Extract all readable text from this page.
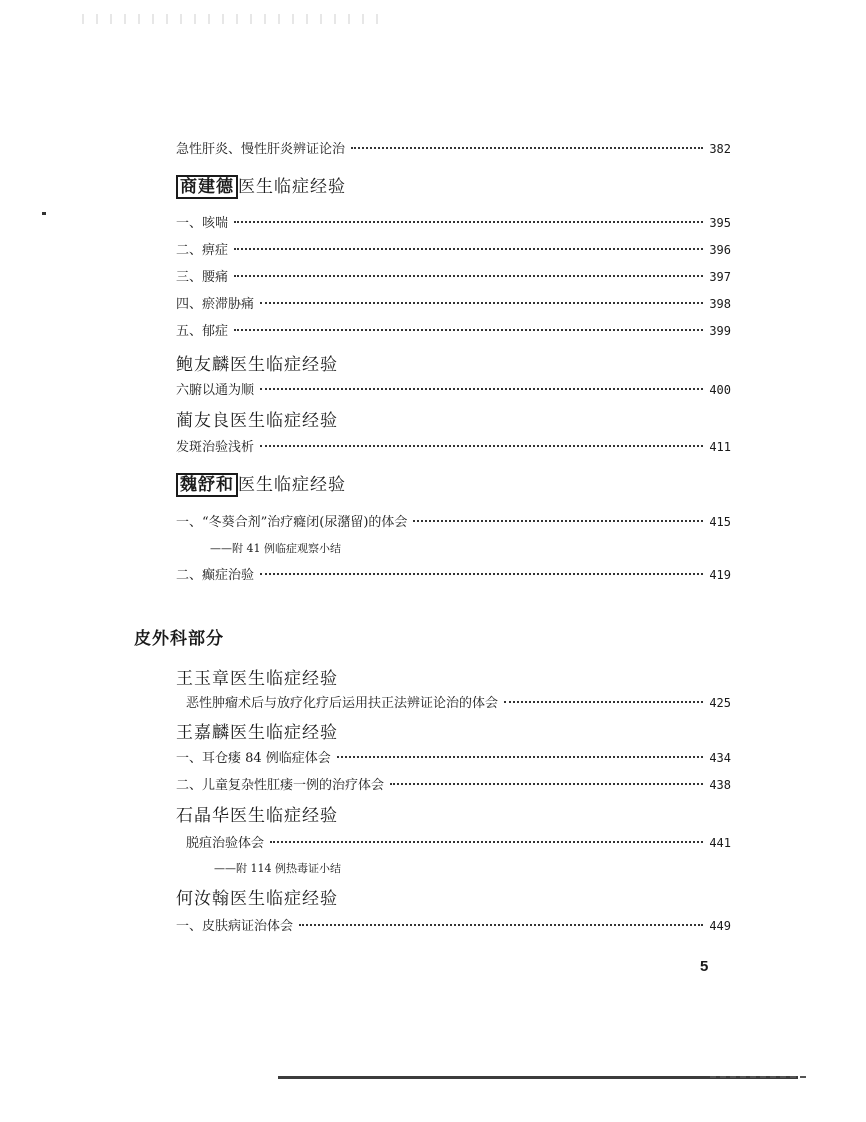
急性肝炎、慢性肝炎辨证论治	382
商建德 医生临症经验
一、咳喘	395
二、痹症	396
三、腰痛	397
四、瘀滞胁痛	398
五、郁症	399
鲍友麟医生临症经验
六腑以通为顺	400
蔺友良医生临症经验
发斑治验浅析	411
魏舒和 医生临症经验
一、“冬葵合剂”治疗癃闭(尿潴留)的体会	415
——附 41 例临症观察小结
二、癫症治验	419
皮外科部分
王玉章医生临症经验
恶性肿瘤术后与放疗化疗后运用扶正法辨证论治的体会	425
王嘉麟医生临症经验
一、耳仓瘘 84 例临症体会	434
二、儿童复杂性肛瘘一例的治疗体会	438
石晶华医生临症经验
脱疽治验体会	441
——附 114 例热毒证小结
何汝翰医生临症经验
一、皮肤病证治体会	449
5
